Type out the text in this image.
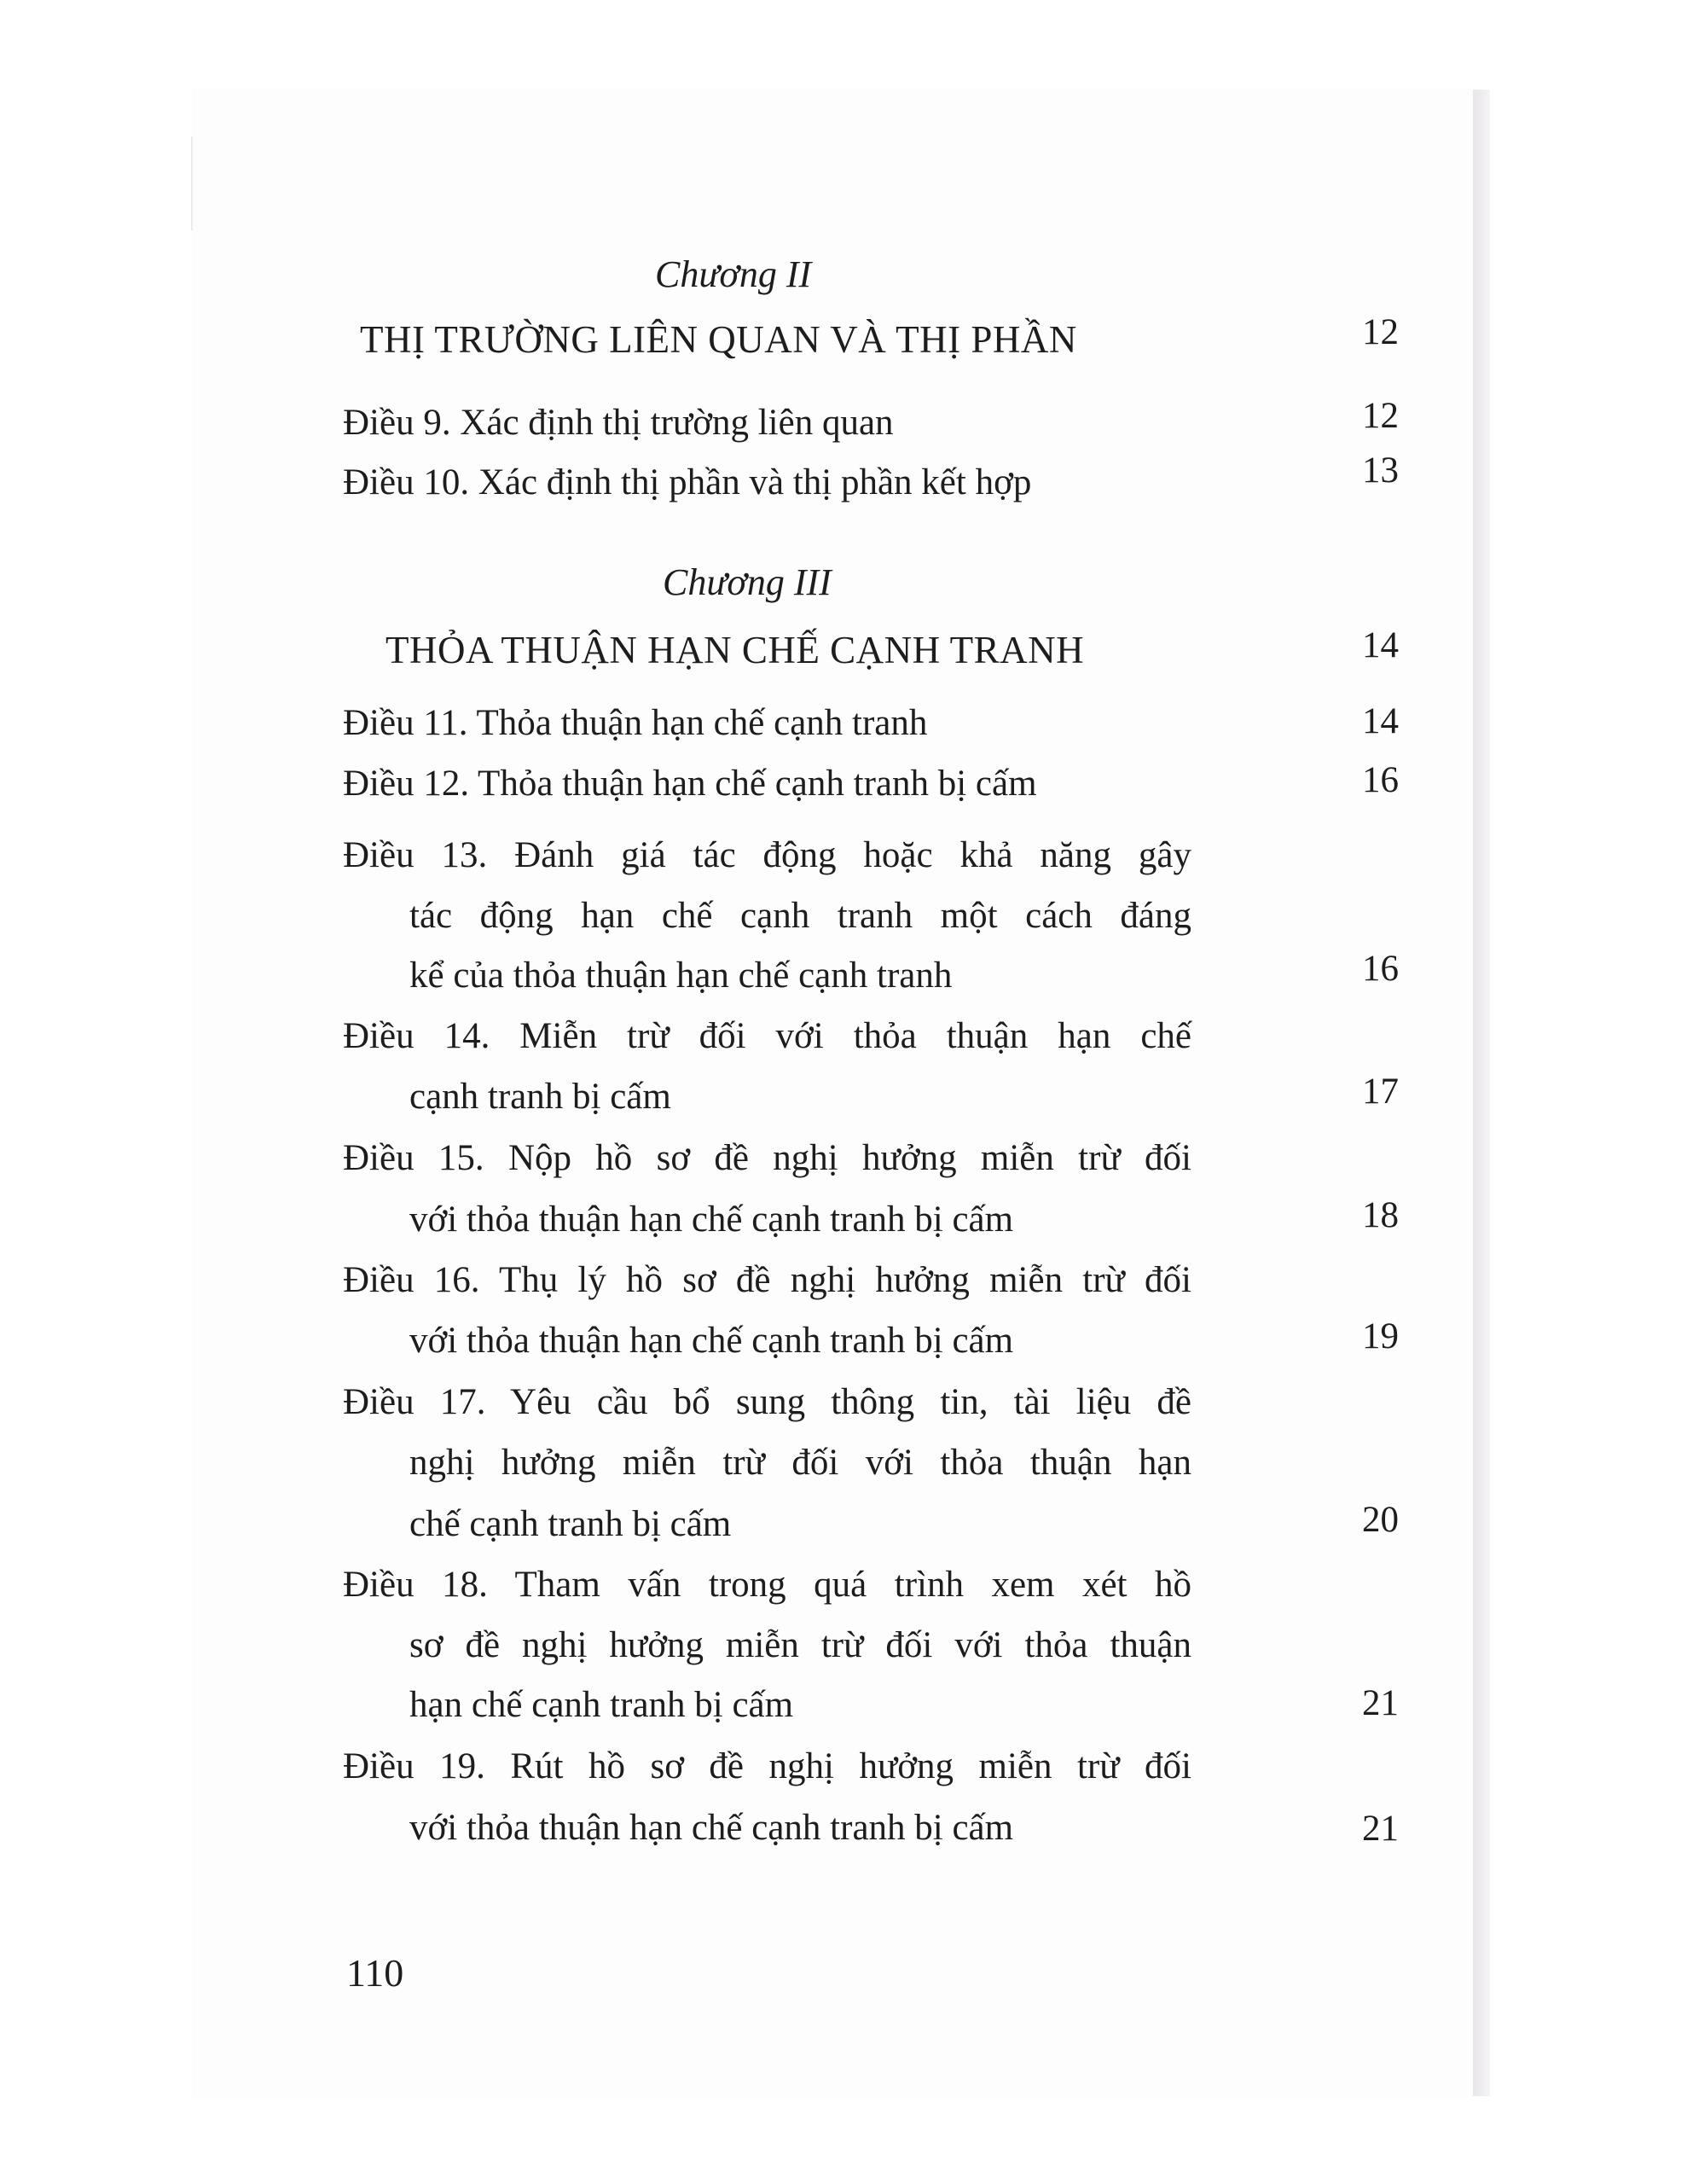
Chương II
THỊ TRƯỜNG LIÊN QUAN VÀ THỊ PHẦN	12
Điều 9. Xác định thị trường liên quan	12
Điều 10. Xác định thị phần và thị phần kết hợp	13
Chương III
THỎA THUẬN HẠN CHẾ CẠNH TRANH	14
Điều 11. Thỏa thuận hạn chế cạnh tranh	14
Điều 12. Thỏa thuận hạn chế cạnh tranh bị cấm	16
Điều 13. Đánh giá tác động hoặc khả năng gây
tác động hạn chế cạnh tranh một cách đáng
kể của thỏa thuận hạn chế cạnh tranh	16
Điều 14. Miễn trừ đối với thỏa thuận hạn chế
cạnh tranh bị cấm	17
Điều 15. Nộp hồ sơ đề nghị hưởng miễn trừ đối
với thỏa thuận hạn chế cạnh tranh bị cấm	18
Điều 16. Thụ lý hồ sơ đề nghị hưởng miễn trừ đối
với thỏa thuận hạn chế cạnh tranh bị cấm	19
Điều 17. Yêu cầu bổ sung thông tin, tài liệu đề
nghị hưởng miễn trừ đối với thỏa thuận hạn
chế cạnh tranh bị cấm	20
Điều 18. Tham vấn trong quá trình xem xét hồ
sơ đề nghị hưởng miễn trừ đối với thỏa thuận
hạn chế cạnh tranh bị cấm	21
Điều 19. Rút hồ sơ đề nghị hưởng miễn trừ đối
với thỏa thuận hạn chế cạnh tranh bị cấm	21
110
